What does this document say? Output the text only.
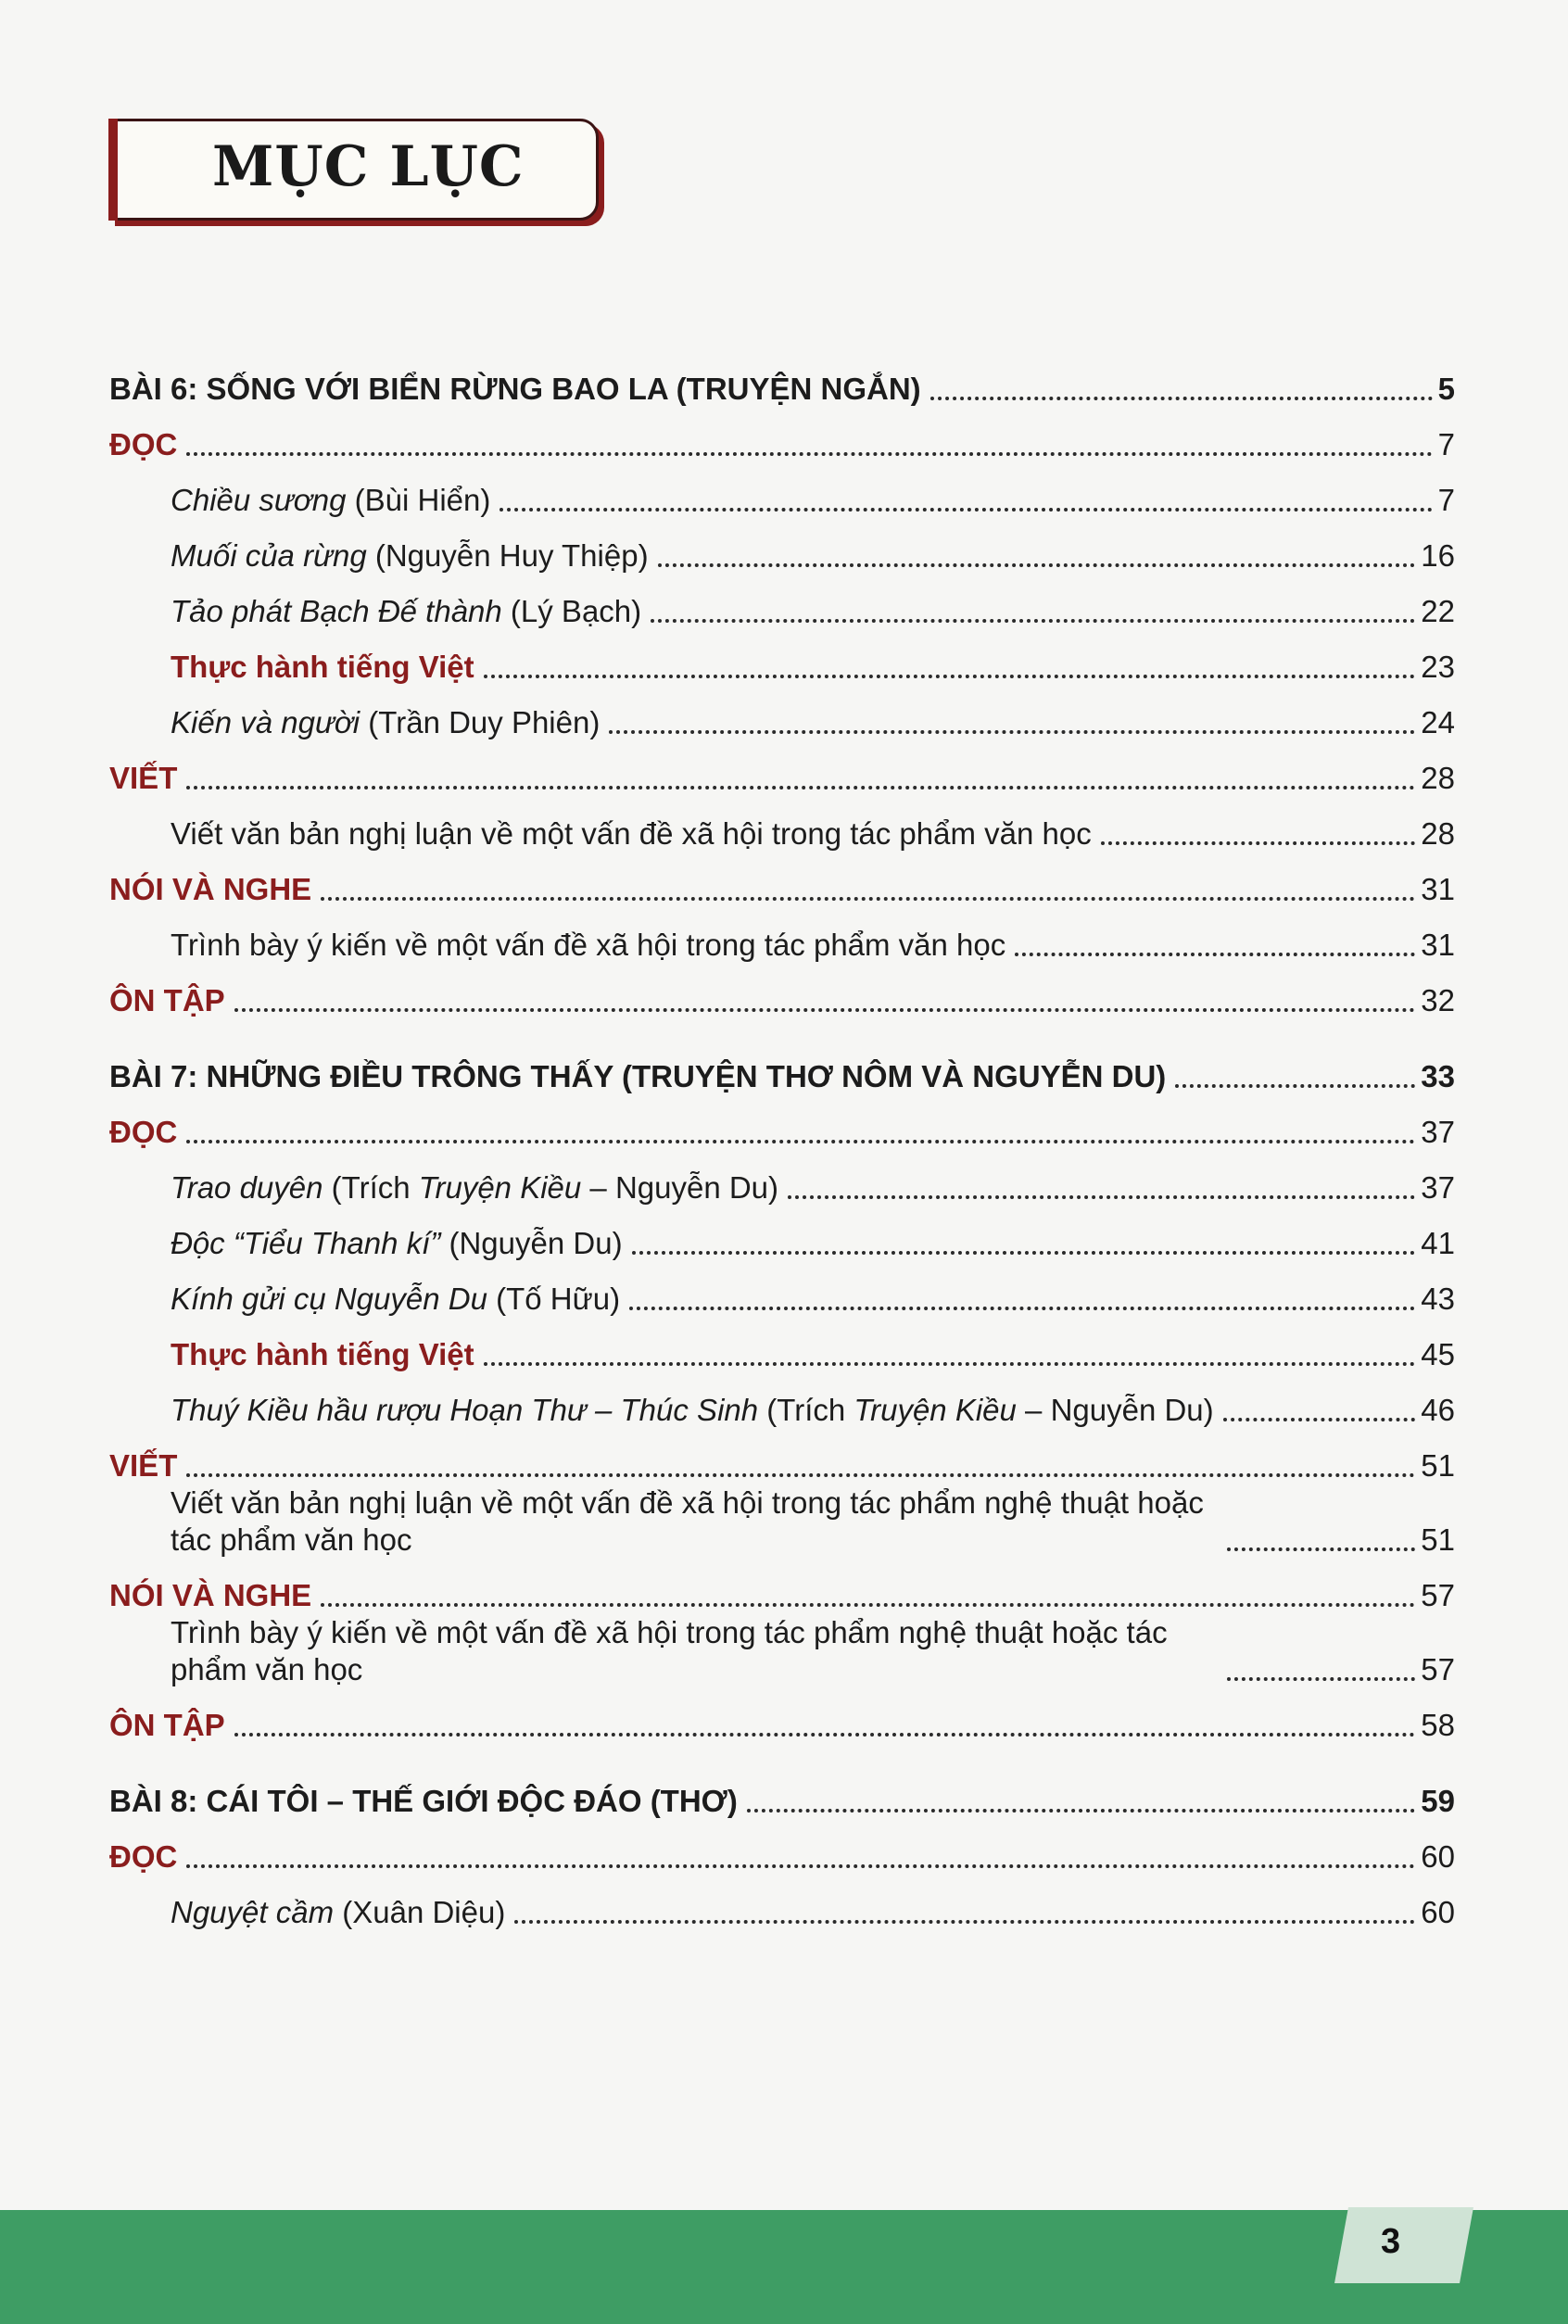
MỤC LỤC
BÀI 6: SỐNG VỚI BIỂN RỪNG BAO LA (TRUYỆN NGẮN)	5
ĐỌC	7
Chiều sương (Bùi Hiển)	7
Muối của rừng (Nguyễn Huy Thiệp)	16
Tảo phát Bạch Đế thành (Lý Bạch)	22
Thực hành tiếng Việt	23
Kiến và người (Trần Duy Phiên)	24
VIẾT	28
Viết văn bản nghị luận về một vấn đề xã hội trong tác phẩm văn học	28
NÓI VÀ NGHE	31
Trình bày ý kiến về một vấn đề xã hội trong tác phẩm văn học	31
ÔN TẬP	32
BÀI 7: NHỮNG ĐIỀU TRÔNG THẤY (TRUYỆN THƠ NÔM VÀ NGUYỄN DU)	33
ĐỌC	37
Trao duyên (Trích Truyện Kiều – Nguyễn Du)	37
Độc “Tiểu Thanh kí” (Nguyễn Du)	41
Kính gửi cụ Nguyễn Du (Tố Hữu)	43
Thực hành tiếng Việt	45
Thuý Kiều hầu rượu Hoạn Thư – Thúc Sinh (Trích Truyện Kiều – Nguyễn Du)	46
VIẾT	51
Viết văn bản nghị luận về một vấn đề xã hội trong tác phẩm nghệ thuật hoặc tác phẩm văn học	51
NÓI VÀ NGHE	57
Trình bày ý kiến về một vấn đề xã hội trong tác phẩm nghệ thuật hoặc tác phẩm văn học	57
ÔN TẬP	58
BÀI 8: CÁI TÔI – THẾ GIỚI ĐỘC ĐÁO (THƠ)	59
ĐỌC	60
Nguyệt cầm (Xuân Diệu)	60
3
